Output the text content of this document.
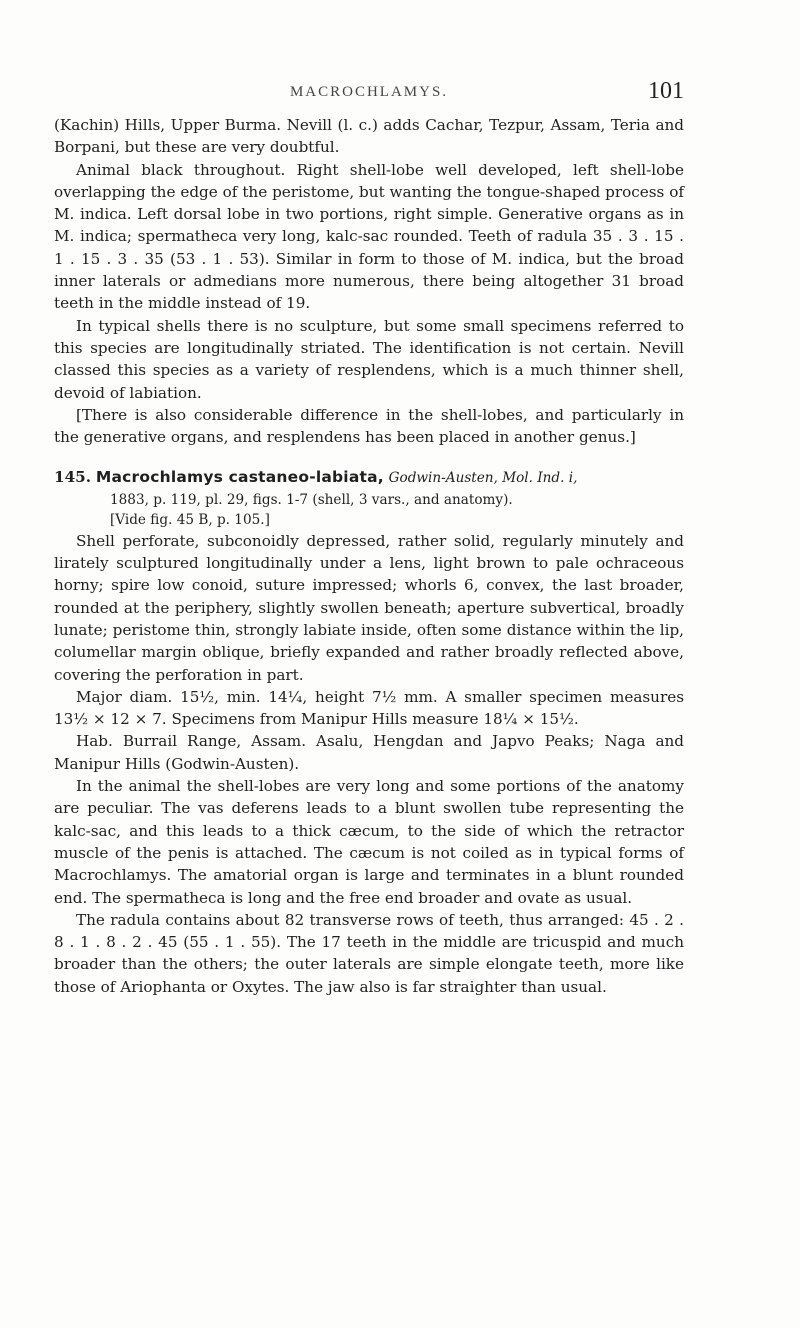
MACROCHLAMYS.	101

(Kachin) Hills, Upper Burma. Nevill (l. c.) adds Cachar, Tezpur, Assam, Teria and Borpani, but these are very doubtful.

Animal black throughout. Right shell-lobe well developed, left shell-lobe overlapping the edge of the peristome, but wanting the tongue-shaped process of M. indica. Left dorsal lobe in two portions, right simple. Generative organs as in M. indica; spermatheca very long, kalc-sac rounded. Teeth of radula 35 . 3 . 15 . 1 . 15 . 3 . 35 (53 . 1 . 53). Similar in form to those of M. indica, but the broad inner laterals or admedians more numerous, there being altogether 31 broad teeth in the middle instead of 19.

In typical shells there is no sculpture, but some small specimens referred to this species are longitudinally striated. The identification is not certain. Nevill classed this species as a variety of resplendens, which is a much thinner shell, devoid of labiation.

[There is also considerable difference in the shell-lobes, and particularly in the generative organs, and resplendens has been placed in another genus.]

145. Macrochlamys castaneo-labiata, Godwin-Austen, Mol. Ind. i,

1883, p. 119, pl. 29, figs. 1-7 (shell, 3 vars., and anatomy).

[Vide fig. 45 B, p. 105.]

Shell perforate, subconoidly depressed, rather solid, regularly minutely and lirately sculptured longitudinally under a lens, light brown to pale ochraceous horny; spire low conoid, suture impressed; whorls 6, convex, the last broader, rounded at the periphery, slightly swollen beneath; aperture subvertical, broadly lunate; peristome thin, strongly labiate inside, often some distance within the lip, columellar margin oblique, briefly expanded and rather broadly reflected above, covering the perforation in part.

Major diam. 15½, min. 14¼, height 7½ mm. A smaller specimen measures 13½ × 12 × 7. Specimens from Manipur Hills measure 18¼ × 15½.

Hab. Burrail Range, Assam. Asalu, Hengdan and Japvo Peaks; Naga and Manipur Hills (Godwin-Austen).

In the animal the shell-lobes are very long and some portions of the anatomy are peculiar. The vas deferens leads to a blunt swollen tube representing the kalc-sac, and this leads to a thick cæcum, to the side of which the retractor muscle of the penis is attached. The cæcum is not coiled as in typical forms of Macrochlamys. The amatorial organ is large and terminates in a blunt rounded end. The spermatheca is long and the free end broader and ovate as usual.

The radula contains about 82 transverse rows of teeth, thus arranged: 45 . 2 . 8 . 1 . 8 . 2 . 45 (55 . 1 . 55). The 17 teeth in the middle are tricuspid and much broader than the others; the outer laterals are simple elongate teeth, more like those of Ariophanta or Oxytes. The jaw also is far straighter than usual.
